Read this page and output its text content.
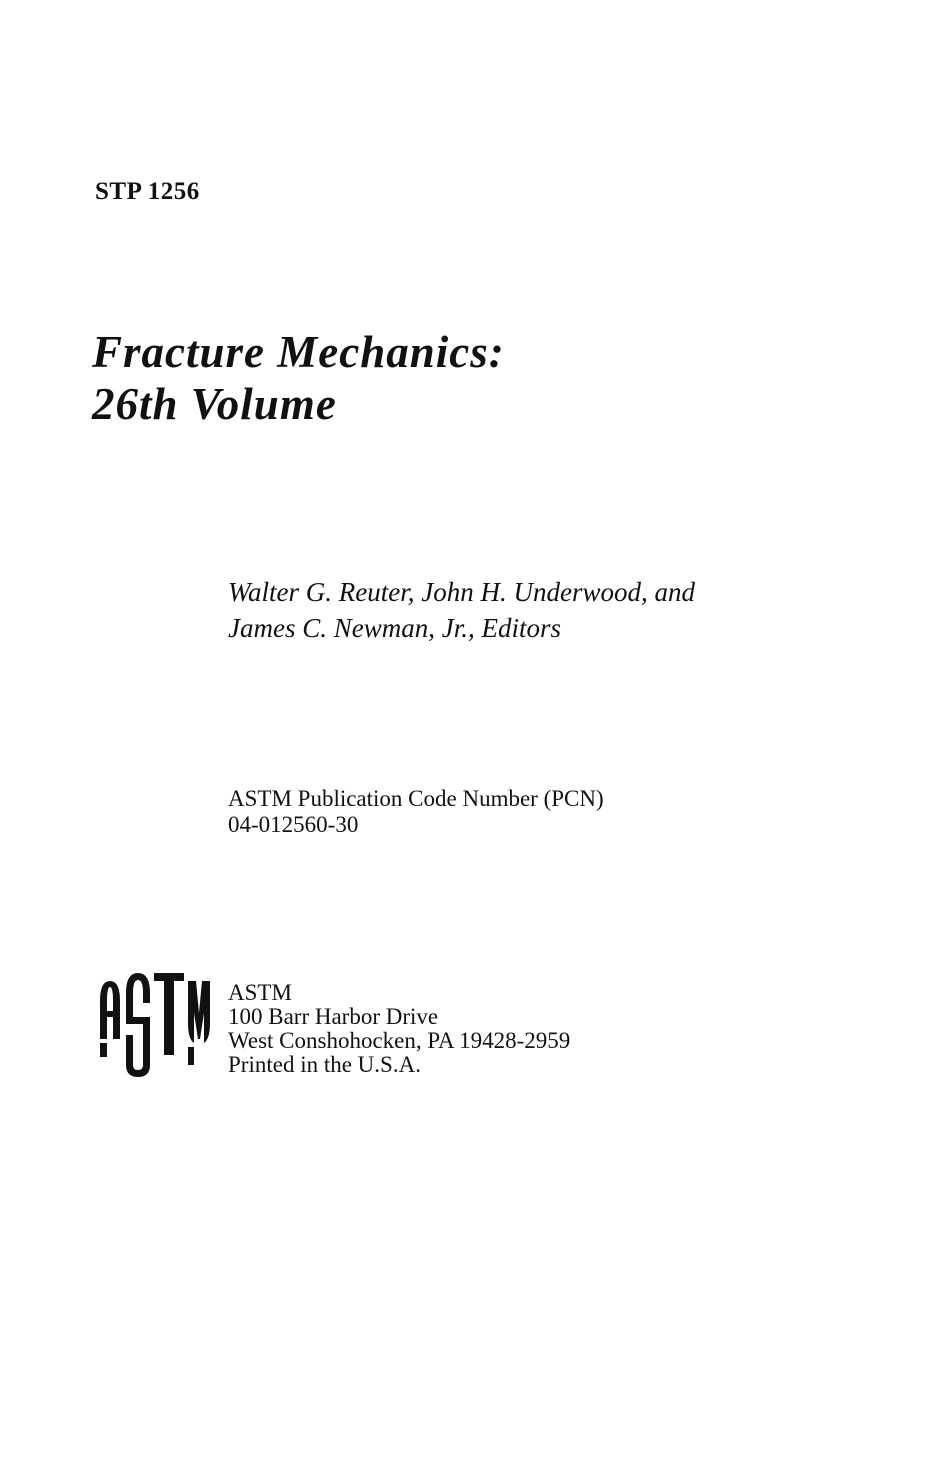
STP 1256
Fracture Mechanics:
26th Volume
Walter G. Reuter, John H. Underwood, and
James C. Newman, Jr., Editors
ASTM Publication Code Number (PCN)
04-012560-30
ASTM
100 Barr Harbor Drive
West Conshohocken, PA 19428-2959
Printed in the U.S.A.
